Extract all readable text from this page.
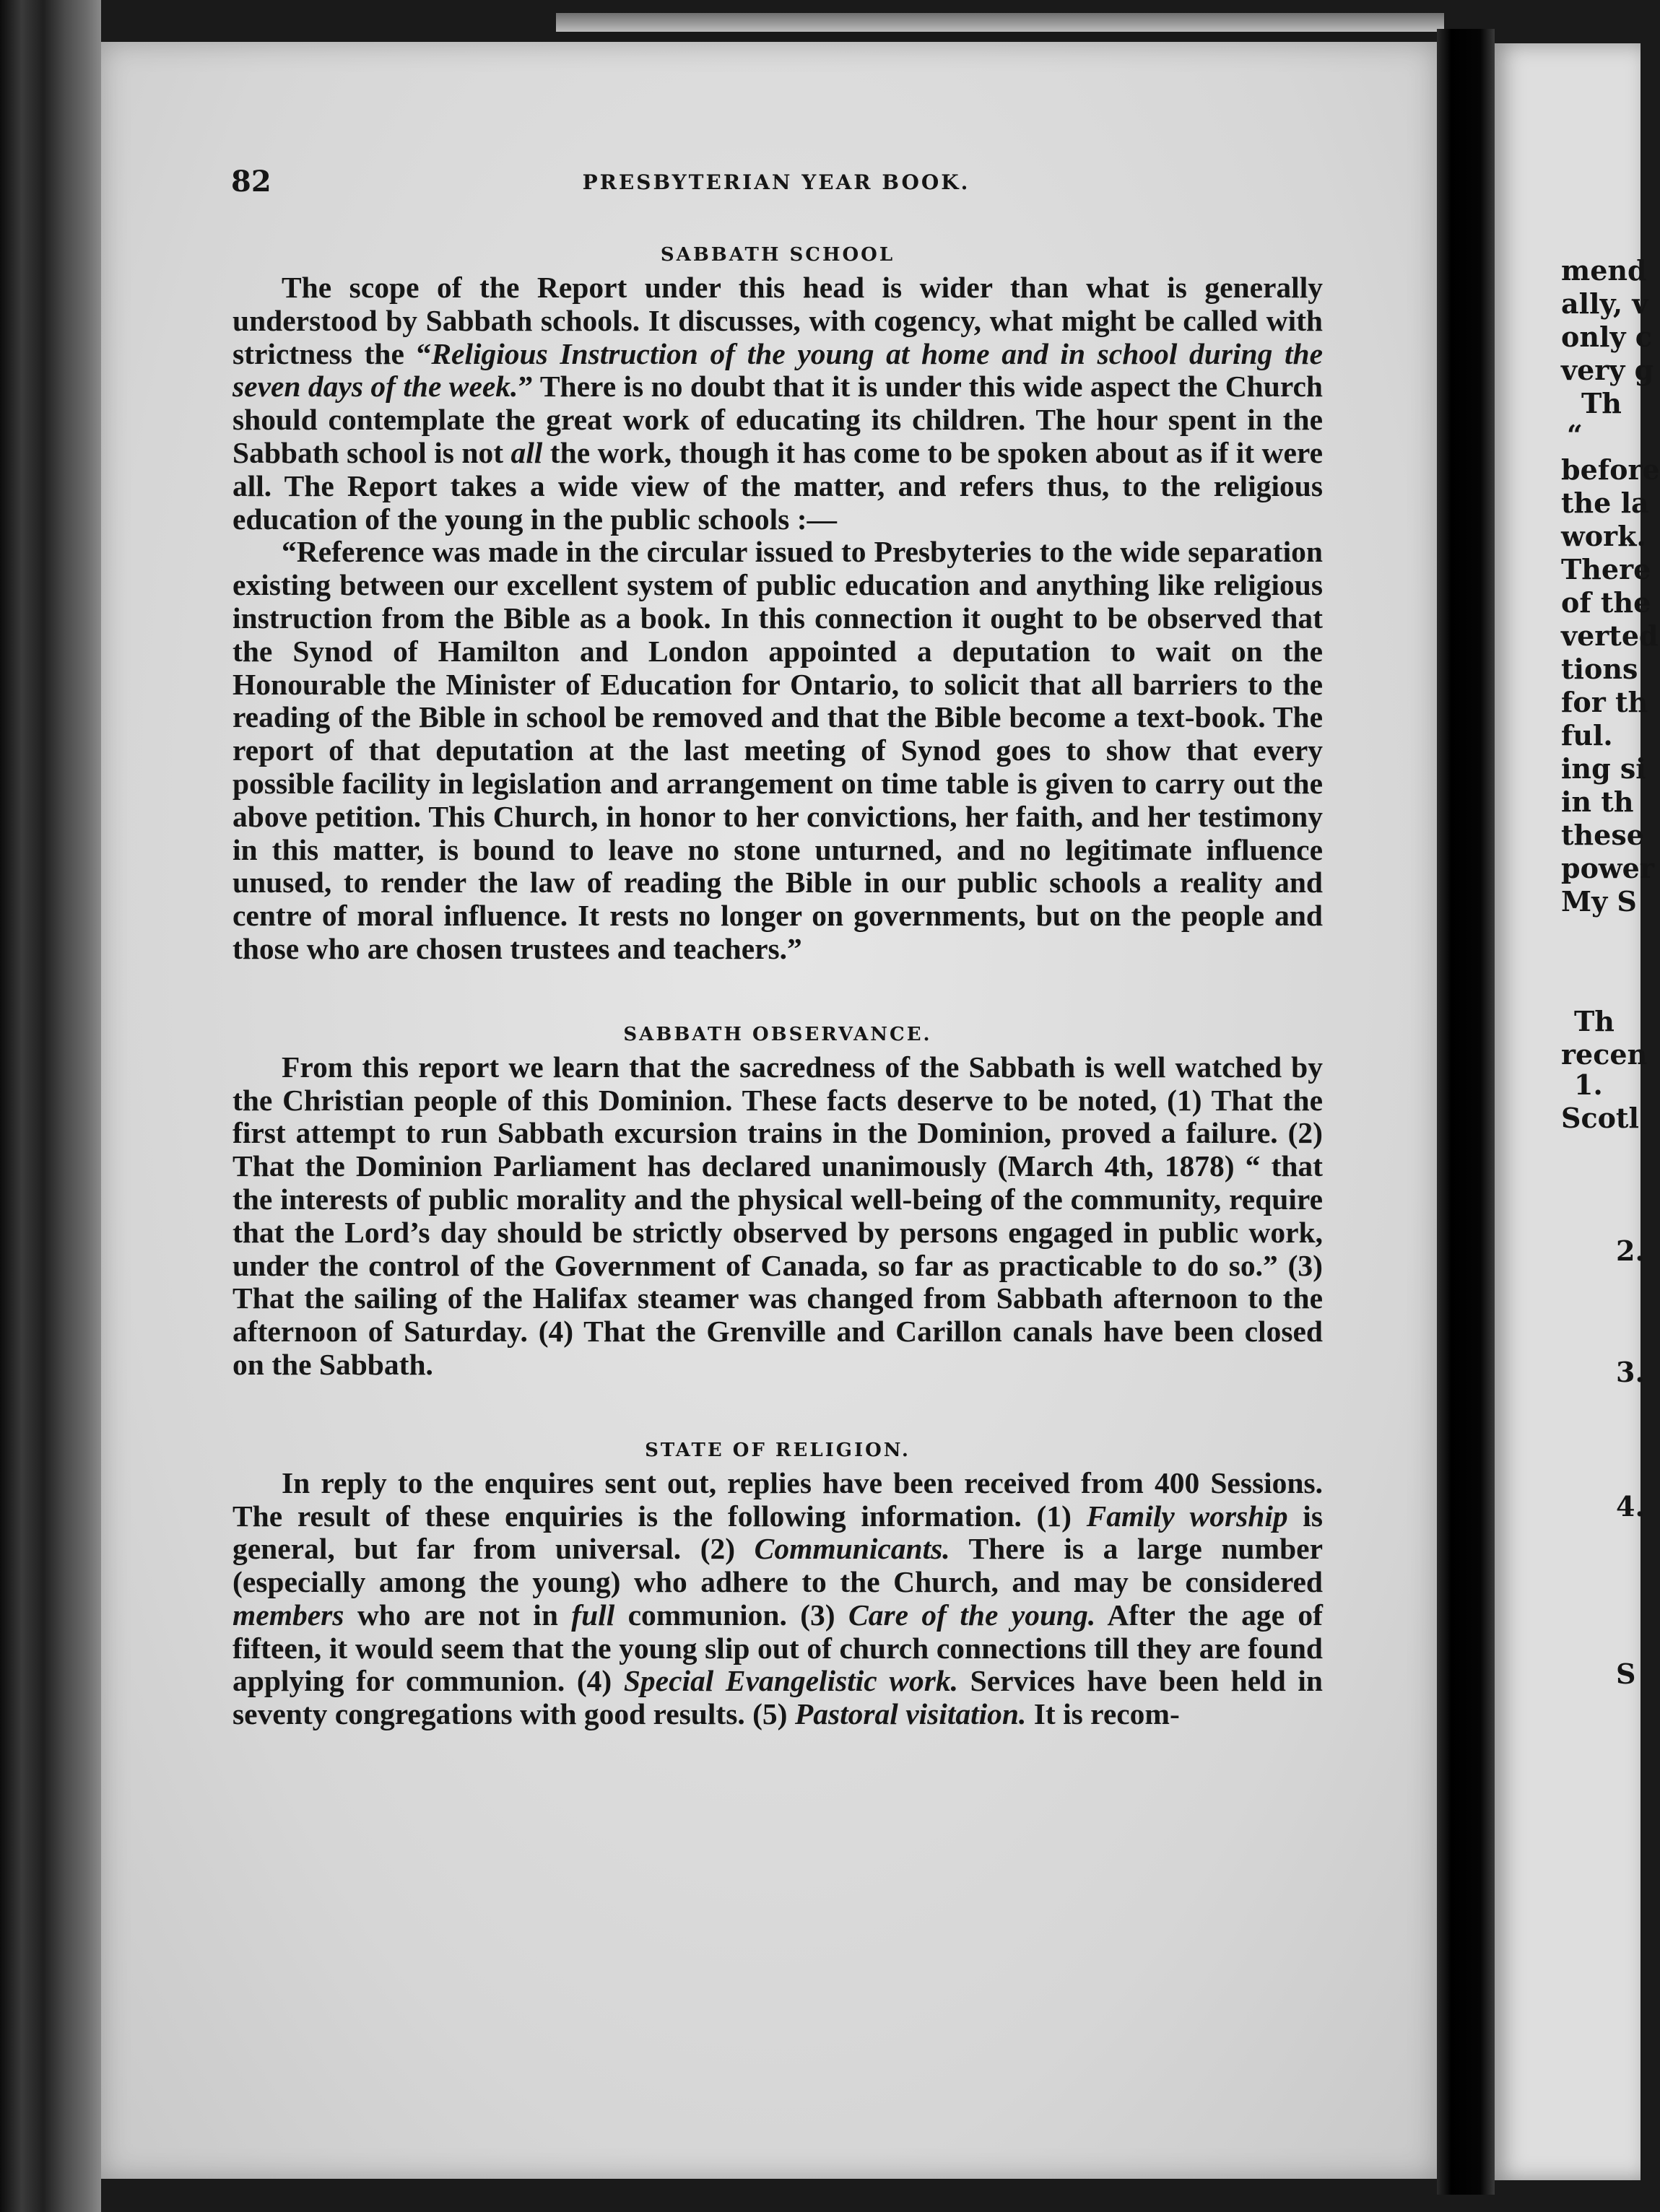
82	PRESBYTERIAN YEAR BOOK.
SABBATH SCHOOL

The scope of the Report under this head is wider than what is generally understood by Sabbath schools. It discusses, with cogency, what might be called with strictness the “Religious Instruction of the young at home and in school during the seven days of the week.” There is no doubt that it is under this wide aspect the Church should contemplate the great work of educating its children. The hour spent in the Sabbath school is not all the work, though it has come to be spoken about as if it were all. The Report takes a wide view of the matter, and refers thus, to the religious education of the young in the public schools :—

“Reference was made in the circular issued to Presbyteries to the wide separation existing between our excellent system of public education and anything like religious instruction from the Bible as a book. In this connection it ought to be observed that the Synod of Hamilton and London appointed a deputation to wait on the Honourable the Minister of Education for Ontario, to solicit that all barriers to the reading of the Bible in school be removed and that the Bible become a text-book. The report of that deputation at the last meeting of Synod goes to show that every possible facility in legislation and arrangement on time table is given to carry out the above petition. This Church, in honor to her convictions, her faith, and her testimony in this matter, is bound to leave no stone unturned, and no legitimate influence unused, to render the law of reading the Bible in our public schools a reality and centre of moral influence. It rests no longer on governments, but on the people and those who are chosen trustees and teachers.”

SABBATH OBSERVANCE.

From this report we learn that the sacredness of the Sabbath is well watched by the Christian people of this Dominion. These facts deserve to be noted, (1) That the first attempt to run Sabbath excursion trains in the Dominion, proved a failure. (2) That the Dominion Parliament has declared unanimously (March 4th, 1878) “ that the interests of public morality and the physical well-being of the community, require that the Lord’s day should be strictly observed by persons engaged in public work, under the control of the Government of Canada, so far as practicable to do so.” (3) That the sailing of the Halifax steamer was changed from Sabbath afternoon to the afternoon of Saturday. (4) That the Grenville and Carillon canals have been closed on the Sabbath.

STATE OF RELIGION.

In reply to the enquires sent out, replies have been received from 400 Sessions. The result of these enquiries is the following information. (1) Family worship is general, but far from universal. (2) Communicants. There is a large number (especially among the young) who adhere to the Church, and may be considered members who are not in full communion. (3) Care of the young. After the age of fifteen, it would seem that the young slip out of church connections till they are found applying for communion. (4) Special Evangelistic work. Services have been held in seventy congregations with good results. (5) Pastoral visitation. It is recom-

mend
ally, v
only c
very g
Th
“
before
the la
work.
There
of the
verted
tions
for th
ful.
ing si
in th
these
power
My S
Th
recen
1.
Scotl
2.
3.
4.
S
